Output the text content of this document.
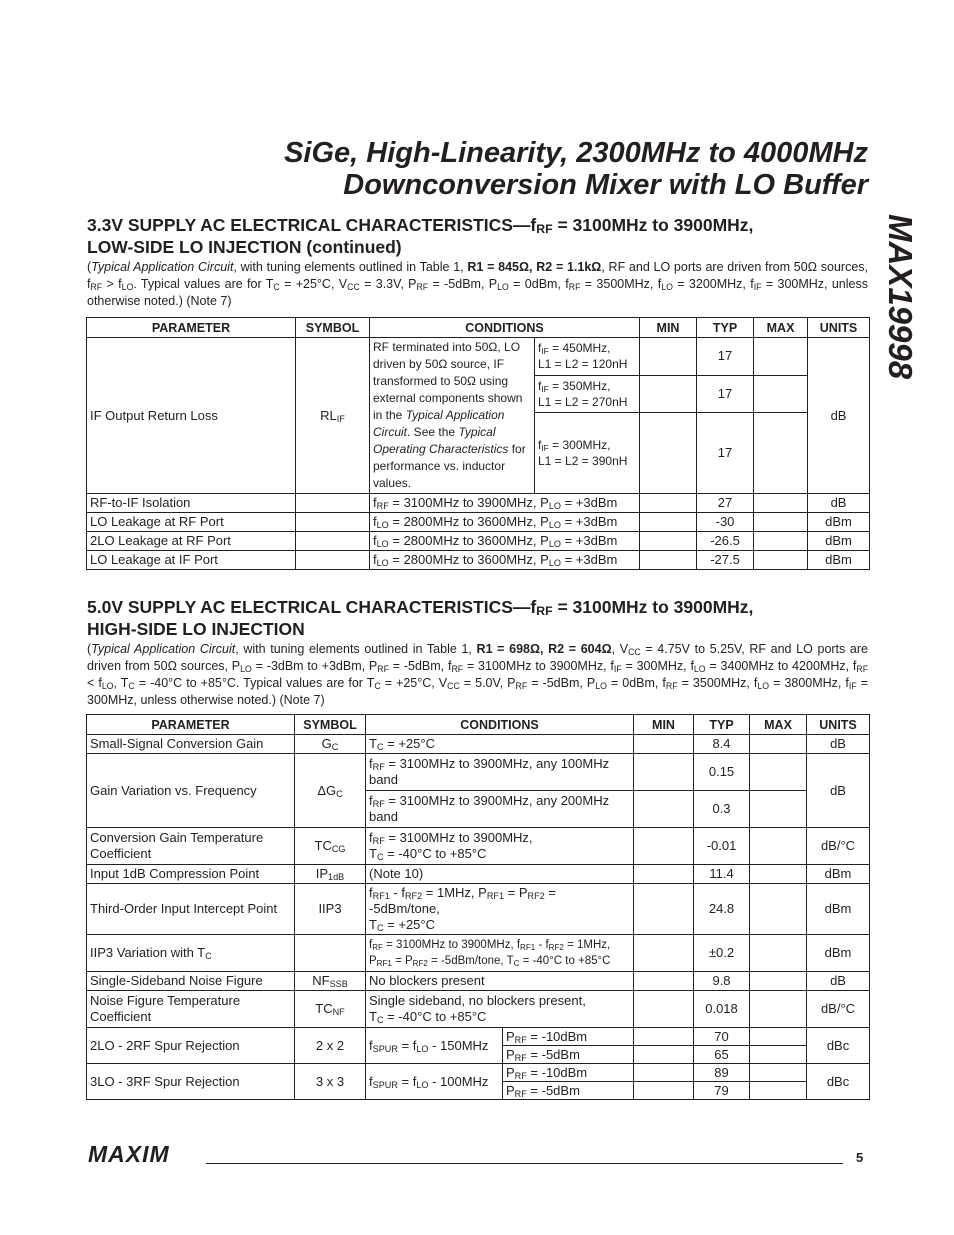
SiGe, High-Linearity, 2300MHz to 4000MHz
Downconversion Mixer with LO Buffer
MAX19998
3.3V SUPPLY AC ELECTRICAL $CHARACTERISTICS—f_{RF} = 3100MHz$ to 3900MHz,
LOW-SIDE LO INJECTION (continued)
(Typical Application Circuit, with tuning elements outlined in Table 1, R1 = 845Ω, R2 = 1.1kΩ, RF and LO ports are driven from 50Ω sources, $f_{RF} > f_{LO}$. Typical values are for $T_C = +25^\circ C$, $V_{CC} = 3.3V$, $P_{RF} = -5dBm$, $P_{LO} = 0dBm$, $f_{RF} = 3500MHz$, $f_{LO} = 3200MHz$, $f_{IF} = 300MHz$, unless otherwise noted.) (Note 7)
PARAMETER	SYMBOL	CONDITIONS		MIN	TYP	MAX	UNITS
IF Output Return Loss	$RL_{IF}$	RF terminated into 50Ω, LO driven by 50Ω source, IF transformed to 50Ω using external components shown in the Typical Application Circuit. See the Typical Operating Characteristics for performance vs. inductor values.	$f_{IF} = 450MHz$,
L1 = L2 = 120nH		17		dB
			$f_{IF} = 350MHz$,
L1 = L2 = 270nH		17		
			$f_{IF} = 300MHz$,
L1 = L2 = 390nH		17		
RF-to-IF Isolation		$f_{RF} = 3100MHz$ to 3900MHz, $P_{LO} = +3dBm$			27		dB
LO Leakage at RF Port		$f_{LO} = 2800MHz$ to 3600MHz, $P_{LO} = +3dBm$			-30		dBm
2LO Leakage at RF Port		$f_{LO} = 2800MHz$ to 3600MHz, $P_{LO} = +3dBm$			-26.5		dBm
LO Leakage at IF Port		$f_{LO} = 2800MHz$ to 3600MHz, $P_{LO} = +3dBm$			-27.5		dBm
5.0V SUPPLY AC ELECTRICAL $CHARACTERISTICS—f_{RF} = 3100MHz$ to 3900MHz,
HIGH-SIDE LO INJECTION
(Typical Application Circuit, with tuning elements outlined in Table 1, R1 = 698Ω, R2 = 604Ω, $V_{CC} = 4.75V$ to 5.25V, RF and LO ports are driven from 50Ω sources, $P_{LO} = -3dBm$ to +3dBm, $P_{RF} = -5dBm$, $f_{RF} = 3100MHz$ to 3900MHz, $f_{IF} = 300MHz$, $f_{LO} = 3400MHz$ to 4200MHz, $f_{RF} < f_{LO}$, $T_C = -40^\circ C$ to +85°C. Typical values are for $T_C = +25^\circ C$, $V_{CC} = 5.0V$, $P_{RF} = -5dBm$, $P_{LO} = 0dBm$, $f_{RF} = 3500MHz$, $f_{LO} = 3800MHz$, $f_{IF} = 300MHz$, unless otherwise noted.) (Note 7)
PARAMETER	SYMBOL	CONDITIONS		MIN	TYP	MAX	UNITS
Small-Signal Conversion Gain	$G_C$	$T_C = +25^\circ C$			8.4		dB
Gain Variation vs. Frequency	$\Delta G_C$	$f_{RF} = 3100MHz$ to 3900MHz, any 100MHz band			0.15		dB
		$f_{RF} = 3100MHz$ to 3900MHz, any 200MHz band			0.3		
Conversion Gain Temperature Coefficient	$TC_{CG}$	$f_{RF} = 3100MHz$ to 3900MHz,
$T_C = -40^\circ C$ to +85°C			-0.01		dB/°C
Input 1dB Compression Point	$IP_{1dB}$	(Note 10)			11.4		dBm
Third-Order Input Intercept Point	IIP3	$f_{RF1} - f_{RF2} = 1MHz$, $P_{RF1} = P_{RF2}$ = -5dBm/tone,
$T_C = +25^\circ C$			24.8		dBm
IIP3 Variation with $T_C$		$f_{RF} = 3100MHz$ to 3900MHz, $f_{RF1} - f_{RF2} = 1MHz$,
$P_{RF1} = P_{RF2}$ = -5dBm/tone, $T_C = -40^\circ C$ to +85°C			±0.2		dBm
Single-Sideband Noise Figure	$NF_{SSB}$	No blockers present			9.8		dB
Noise Figure Temperature Coefficient	$TC_{NF}$	Single sideband, no blockers present,
$T_C = -40^\circ C$ to +85°C			0.018		dB/°C
2LO - 2RF Spur Rejection	2 x 2	$f_{SPUR} = f_{LO} - 150MHz$	$P_{RF} = -10dBm$		70		dBc
			$P_{RF} = -5dBm$		65		
3LO - 3RF Spur Rejection	3 x 3	$f_{SPUR} = f_{LO} - 100MHz$	$P_{RF} = -10dBm$		89		dBc
			$P_{RF} = -5dBm$		79		
MAXIM	5
